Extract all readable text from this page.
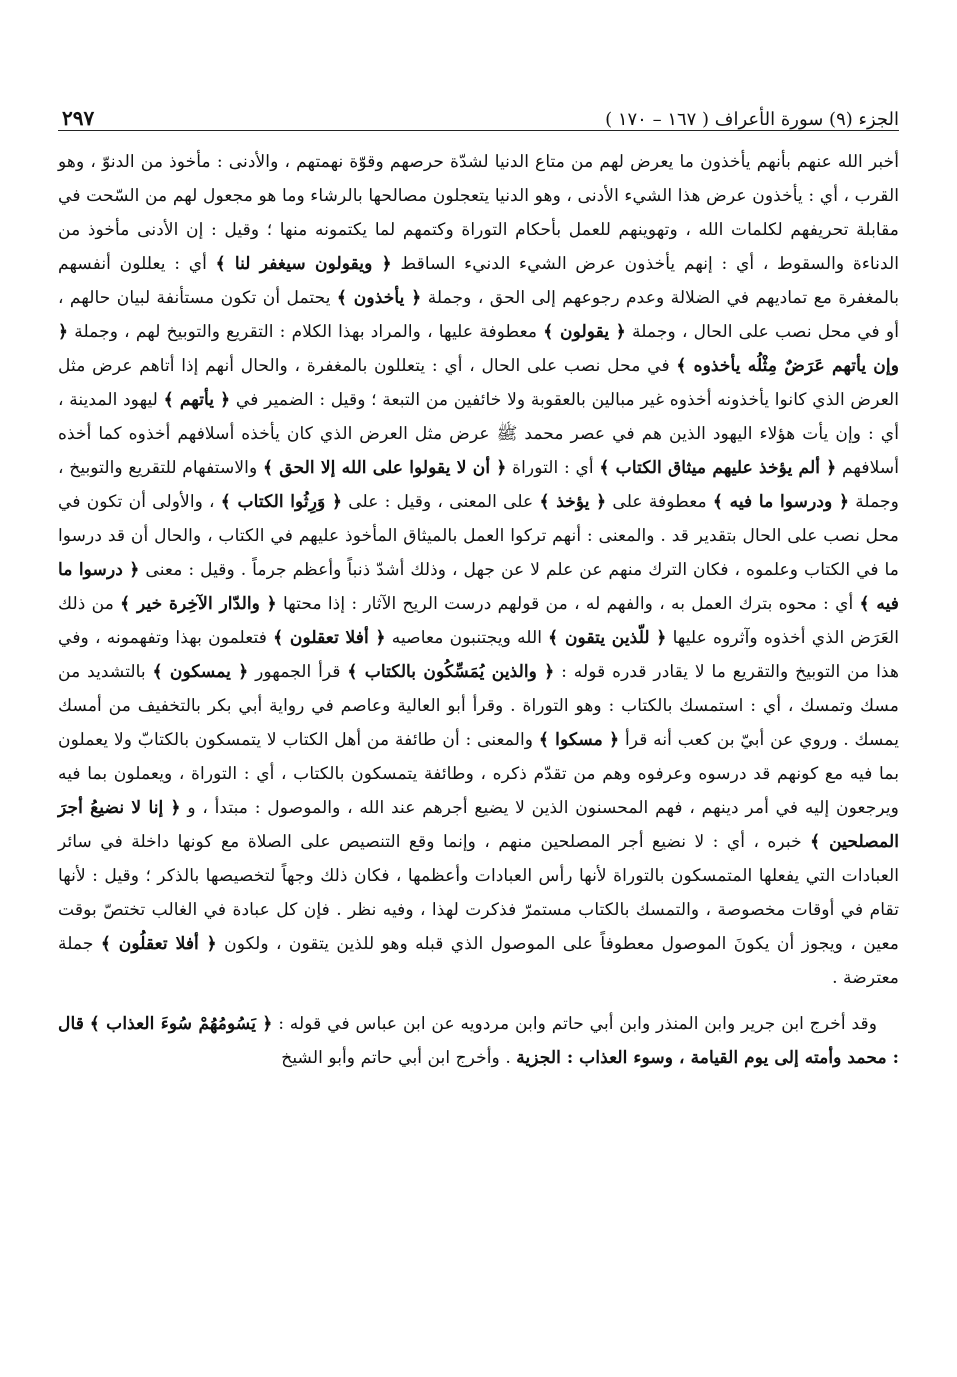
الجزء (٩) سورة الأعراف ( ١٦٧ – ١٧٠ )
٢٩٧

أخبر الله عنهم بأنهم يأخذون ما يعرض لهم من متاع الدنيا لشدّة حرصهم وقوّة نهمتهم ، والأدنى : مأخوذ من الدنوّ ، وهو القرب ، أي : يأخذون عرض هذا الشيء الأدنى ، وهو الدنيا يتعجلون مصالحها بالرشاء وما هو مجعول لهم من السّحت في مقابلة تحريفهم لكلمات الله ، وتهوينهم للعمل بأحكام التوراة وكتمهم لما يكتمونه منها ؛ وقيل : إن الأدنى مأخوذ من الدناءة والسقوط ، أي : إنهم يأخذون عرض الشيء الدنيء الساقط ﴿ ويقولون سيغفر لنا ﴾ أي : يعللون أنفسهم بالمغفرة مع تماديهم في الضلالة وعدم رجوعهم إلى الحق ، وجملة ﴿ يأخذون ﴾ يحتمل أن تكون مستأنفة لبيان حالهم ، أو في محل نصب على الحال ، وجملة ﴿ يقولون ﴾ معطوفة عليها ، والمراد بهذا الكلام : التقريع والتوبيخ لهم ، وجملة ﴿ وإن يأتهم عَرَضٌ مِثْلُه يأخذوه ﴾ في محل نصب على الحال ، أي : يتعللون بالمغفرة ، والحال أنهم إذا أتاهم عرض مثل العرض الذي كانوا يأخذونه أخذوه غير مبالين بالعقوبة ولا خائفين من التبعة ؛ وقيل : الضمير في ﴿ يأتهم ﴾ ليهود المدينة ، أي : وإن يأت هؤلاء اليهود الذين هم في عصر محمد ﷺ عرض مثل العرض الذي كان يأخذه أسلافهم أخذوه كما أخذه أسلافهم ﴿ ألم يؤخذ عليهم ميثاق الكتاب ﴾ أي : التوراة ﴿ أن لا يقولوا على الله إلا الحق ﴾ والاستفهام للتقريع والتوبيخ ، وجملة ﴿ ودرسوا ما فيه ﴾ معطوفة على ﴿ يؤخذ ﴾ على المعنى ، وقيل : على ﴿ وَرِثُوا الكتاب ﴾ ، والأولى أن تكون في محل نصب على الحال بتقدير قد . والمعنى : أنهم تركوا العمل بالميثاق المأخوذ عليهم في الكتاب ، والحال أن قد درسوا ما في الكتاب وعلموه ، فكان الترك منهم عن علم لا عن جهل ، وذلك أشدّ ذنباً وأعظم جرماً . وقيل : معنى ﴿ درسوا ما فيه ﴾ أي : محوه بترك العمل به ، والفهم له ، من قولهم درست الريح الآثار : إذا محتها ﴿ والدّار الآخِرة خير ﴾ من ذلك العَرَض الذي أخذوه وآثروه عليها ﴿ للّذين يتقون ﴾ الله ويجتنبون معاصيه ﴿ أفلا تعقلون ﴾ فتعلمون بهذا وتفهمونه ، وفي هذا من التوبيخ والتقريع ما لا يقادر قدره قوله : ﴿ والذين يُمَسِّكُون بالكتاب ﴾ قرأ الجمهور ﴿ يمسكون ﴾ بالتشديد من مسك وتمسك ، أي : استمسك بالكتاب : وهو التوراة . وقرأ أبو العالية وعاصم في رواية أبي بكر بالتخفيف من أمسك يمسك . وروي عن أبيّ بن كعب أنه قرأ ﴿ مسكوا ﴾ والمعنى : أن طائفة من أهل الكتاب لا يتمسكون بالكتابّ ولا يعملون بما فيه مع كونهم قد درسوه وعرفوه وهم من تقدّم ذكره ، وطائفة يتمسكون بالكتاب ، أي : التوراة ، ويعملون بما فيه ويرجعون إليه في أمر دينهم ، فهم المحسنون الذين لا يضيع أجرهم عند الله ، والموصول : مبتدأ ، و ﴿ إنا لا نضيعُ أجرَ المصلحين ﴾ خبره ، أي : لا نضيع أجر المصلحين منهم ، وإنما وقع التنصيص على الصلاة مع كونها داخلة في سائر العبادات التي يفعلها المتمسكون بالتوراة لأنها رأس العبادات وأعظمها ، فكان ذلك وجهاً لتخصيصها بالذكر ؛ وقيل : لأنها تقام في أوقات مخصوصة ، والتمسك بالكتاب مستمرّ فذكرت لهذا ، وفيه نظر . فإن كل عبادة في الغالب تختصّ بوقت معين ، ويجوز أن يكونَ الموصول معطوفاً على الموصول الذي قبله وهو للذين يتقون ، ولكون ﴿ أفلا تعقلُون ﴾ جملة معترضة .

وقد أخرج ابن جرير وابن المنذر وابن أبي حاتم وابن مردويه عن ابن عباس في قوله : ﴿ يَسُومُهُمْ سُوءَ العذاب ﴾ قال : محمد وأمته إلى يوم القيامة ، وسوء العذاب : الجزية . وأخرج ابن أبي حاتم وأبو الشيخ
